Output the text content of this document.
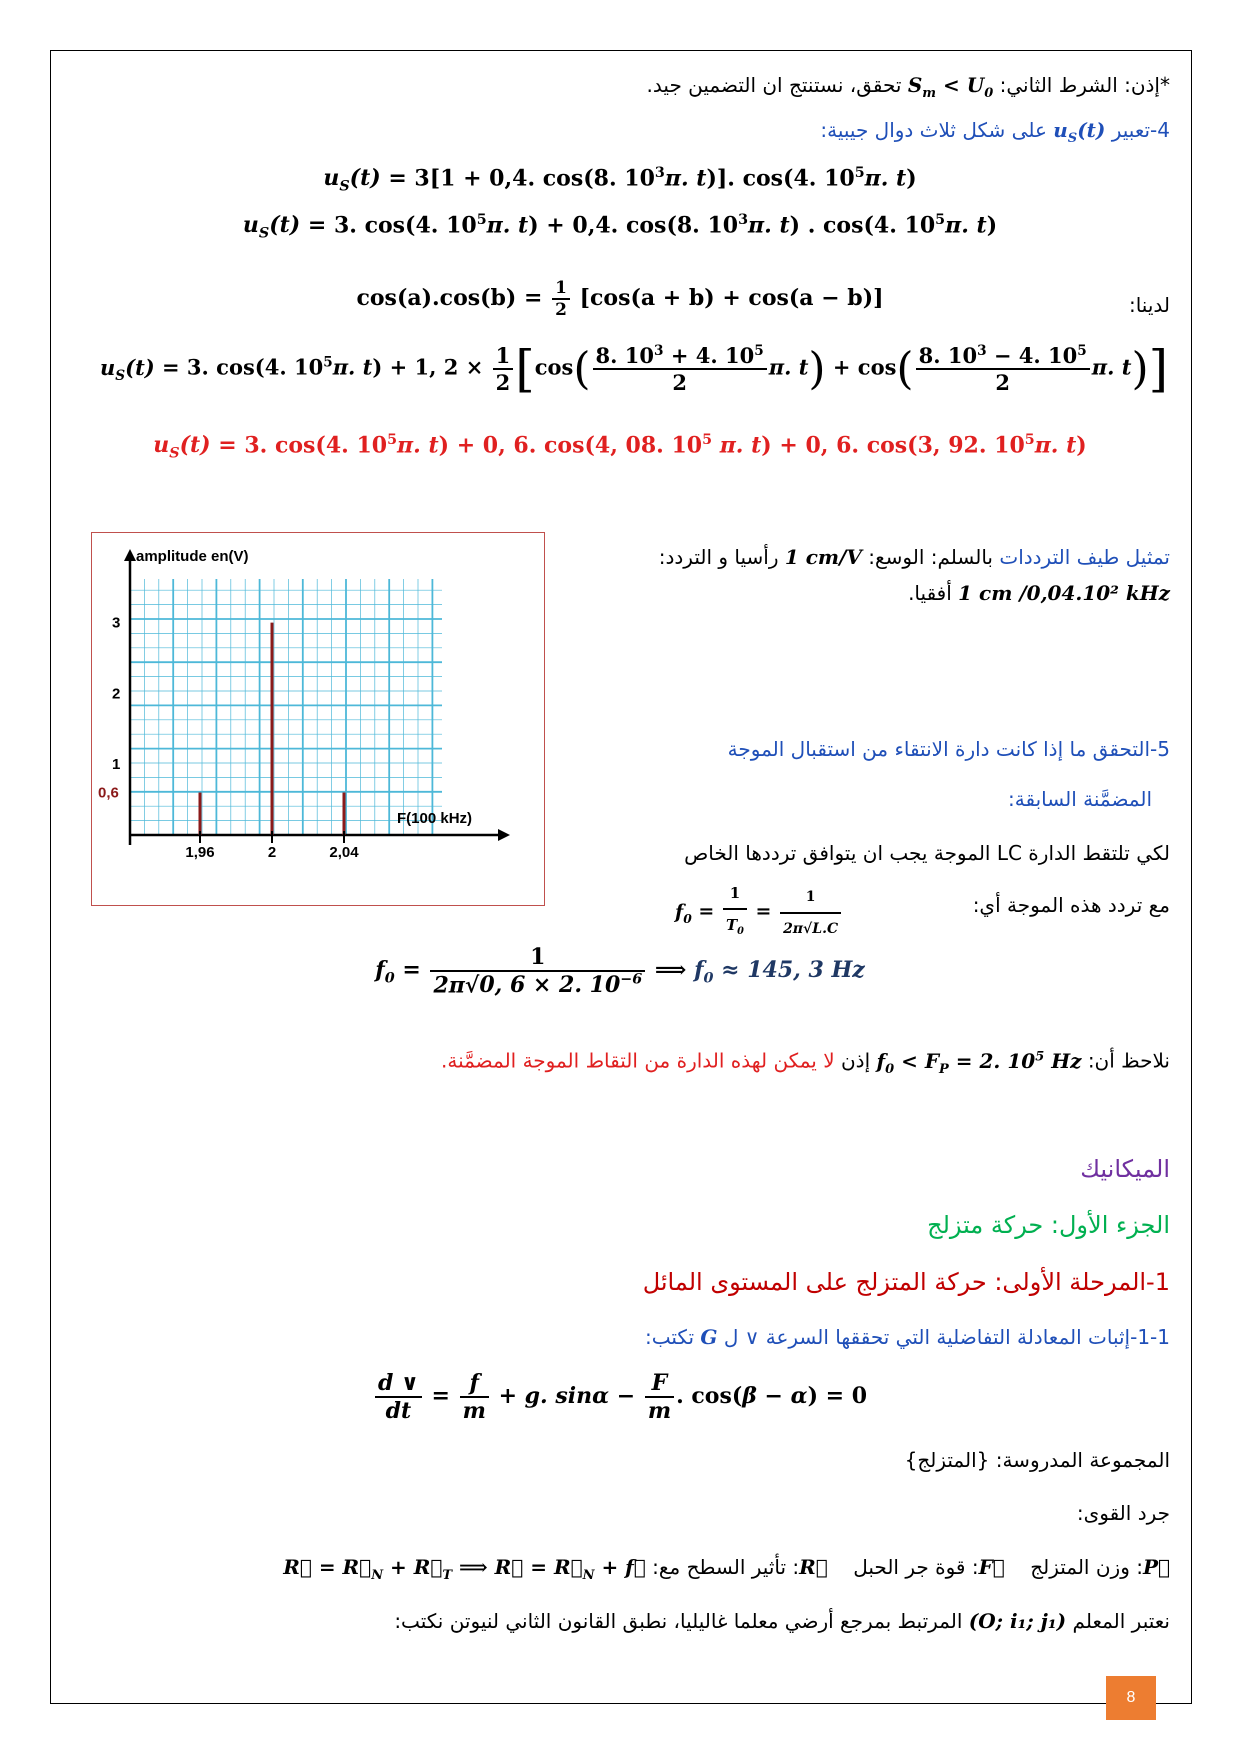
*إذن: الشرط الثاني: $S_m < U_0$ تحقق، نستنتج ان التضمين جيد.
4-تعبير $u_S(t)$ على شكل ثلاث دوال جيبية:
$u_S(t) = 3[1 + 0,4$. cos(8. $10^3\pi$. t)]. cos(4. $10^5\pi$. t)
$u_S(t) = 3$. cos(4. $10^5\pi$. t) + 0,4. cos(8. $10^3\pi$. t) . cos(4. $10^5\pi$. t)
لدينا:
$\cos(a).\cos(b) = \frac{1}{2} [\cos(a + b) + \cos(a - b)]$
$u_S(t) = 3$. cos(4. $10^5\pi$. t) + 1, $2 \times \frac{1}{2} [\cos( \frac{8. 10^3 + 4. 10^5}{2} \pi$. $t) + \cos( \frac{8. 10^3 - 4. 10^5}{2} \pi$. t)]
$u_S(t) = 3$. cos(4. $10^5\pi$. t) + 0, 6. cos(4, 08. $10^5$ π. t) + 0, 6. cos(3, 92. $10^5\pi$. t)
amplitude en(V)
F(100 kHz)
0,6
1
2
3
1,96	2	2,04
تمثيل طيف الترددات بالسلم: الوسع: 1 cm/V رأسيا و التردد:
1 cm /0,04.10² kHz أفقيا.
5-التحقق ما إذا كانت دارة الانتقاء من استقبال الموجة
المضمَّنة السابقة:
لكي تلتقط الدارة LC الموجة يجب ان يتوافق ترددها الخاص
مع تردد هذه الموجة أي:
$f_0 = \frac{1}{T_0} = \frac{1}{2\pi√L.C}$
$f_0 = \frac{1}{2\pi√0, 6 \times 2. 10^{-6}}$ ⟹ $f_0 \approx 145$, 3 Hz
نلاحظ أن: $f_0 < F_P = 2$. $10^5$ Hz إذن لا يمكن لهذه الدارة من التقاط الموجة المضمَّنة.
الميكانيك
الجزء الأول: حركة متزلج
1-المرحلة الأولى: حركة المتزلج على المستوى المائل
1-1-إثبات المعادلة التفاضلية التي تحققها السرعة ∨ ل G تكتب:
$\frac{d \vee}{dt} = \frac{f}{m} + g$. $\sin\alpha - \frac{F}{m}$ . cos(β − α) = 0
المجموعة المدروسة: {المتزلج}
جرد القوى:
P⃗: وزن المتزلج    F⃗: قوة جر الحبل    R⃗: تأثير السطح مع: R⃗ = $R⃗_N$ + $R⃗_T$ ⟹ R⃗ = $R⃗_N$ + f⃗
نعتبر المعلم (O; i₁; j₁) المرتبط بمرجع أرضي معلما غاليليا، نطبق القانون الثاني لنيوتن نكتب:
8
